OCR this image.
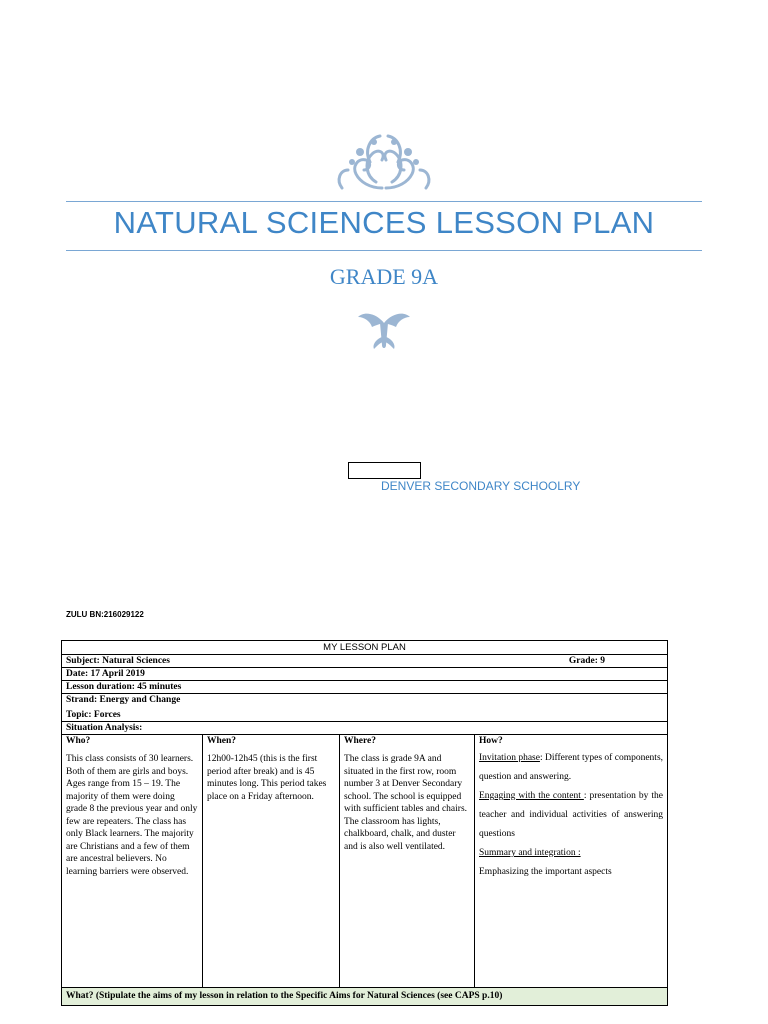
NATURAL SCIENCES LESSON PLAN
GRADE 9A
DENVER SECONDARY SCHOOLRY
ZULU BN:216029122
MY LESSON PLAN

Subject: Natural Sciences	Grade: 9

Date: 17 April 2019
Lesson duration: 45 minutes

Strand: Energy and Change
Topic: Forces

Situation Analysis:

Who?
This class consists of 30 learners. Both of them are girls and boys. Ages range from 15 – 19. The majority of them were doing grade 8 the previous year and only few are repeaters. The class has only Black learners. The majority are Christians and a few of them are ancestral believers. No learning barriers were observed.

When?
12h00-12h45 (this is the first period after break) and is 45 minutes long. This period takes place on a Friday afternoon.

Where?
The class is grade 9A and situated in the first row, room number 3 at Denver Secondary school. The school is equipped with sufficient tables and chairs. The classroom has lights, chalkboard, chalk, and duster and is also well ventilated.

How?

Invitation phase: Different types of components, question and answering.

Engaging with the content : presentation by the teacher and individual activities of answering questions

Summary and integration :

Emphasizing the important aspects

What? (Stipulate the aims of my lesson in relation to the Specific Aims for Natural Sciences (see CAPS p.10)
